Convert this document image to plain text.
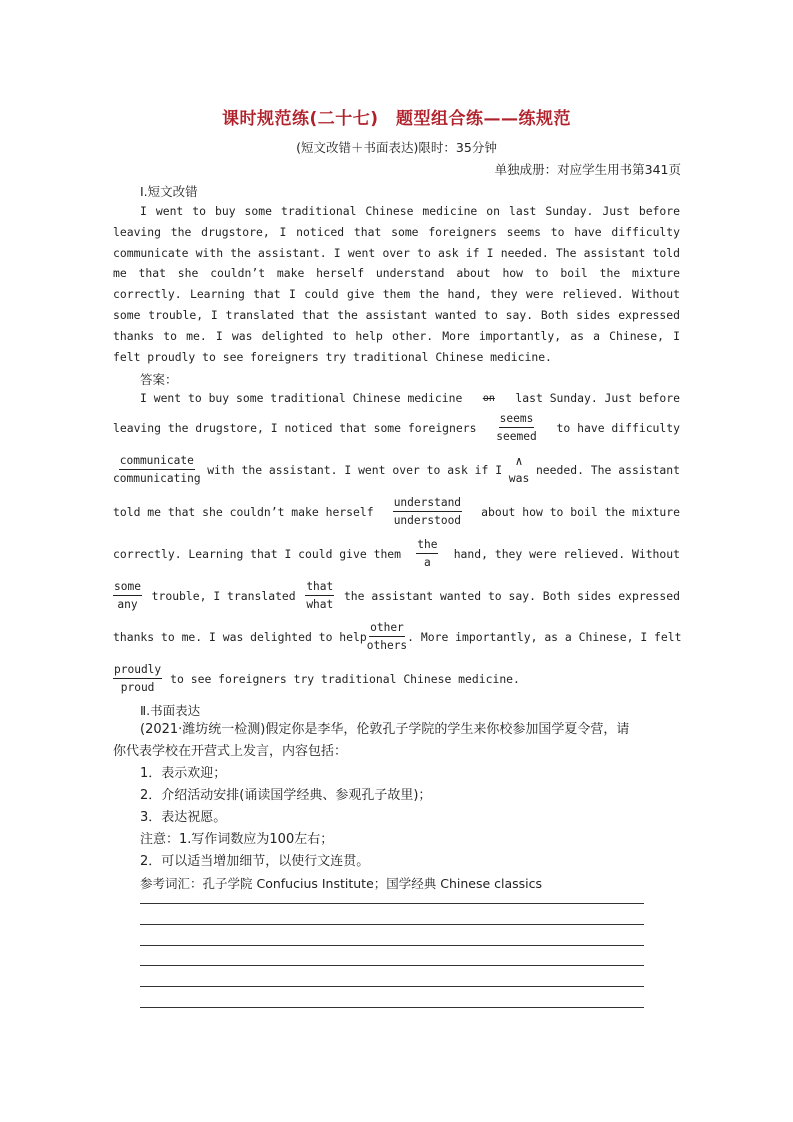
课时规范练(二十七)　题型组合练——练规范
(短文改错＋书面表达)限时：35分钟
单独成册：对应学生用书第341页
Ⅰ.短文改错
I went to buy some traditional Chinese medicine on last Sunday. Just before leaving the drugstore, I noticed that some foreigners seems to have difficulty communicate with the assistant. I went over to ask if I needed. The assistant told me that she couldn’t make herself understand about how to boil the mixture correctly. Learning that I could give them the hand, they were relieved. Without some trouble, I translated that the assistant wanted to say. Both sides expressed thanks to me. I was delighted to help other. More importantly, as a Chinese, I felt proudly to see foreigners try traditional Chinese medicine.
答案：
I went to buy some traditional Chinese medicine on last Sunday. Just before
leaving the drugstore, I noticed that some foreigners
seems
seemed
to have difficulty
communicate
communicating
with the assistant. I went over to ask if I
∧
was
needed. The assistant
told me that she couldn’t make herself
understand
understood
about how to boil the mixture
correctly. Learning that I could give them
the
a
hand, they were relieved. Without
some
any
trouble, I translated
that
what
the assistant wanted to say. Both sides expressed
thanks to me. I was delighted to help
other
others
. More importantly, as a Chinese, I felt
proudly
proud
to see foreigners try traditional Chinese medicine.
Ⅱ.书面表达
(2021·潍坊统一检测)假定你是李华，伦敦孔子学院的学生来你校参加国学夏令营，请
你代表学校在开营式上发言，内容包括：
1．表示欢迎；
2．介绍活动安排(诵读国学经典、参观孔子故里)；
3．表达祝愿。
注意：1.写作词数应为100左右；
2．可以适当增加细节，以使行文连贯。
参考词汇：孔子学院 Confucius Institute；国学经典 Chinese classics
